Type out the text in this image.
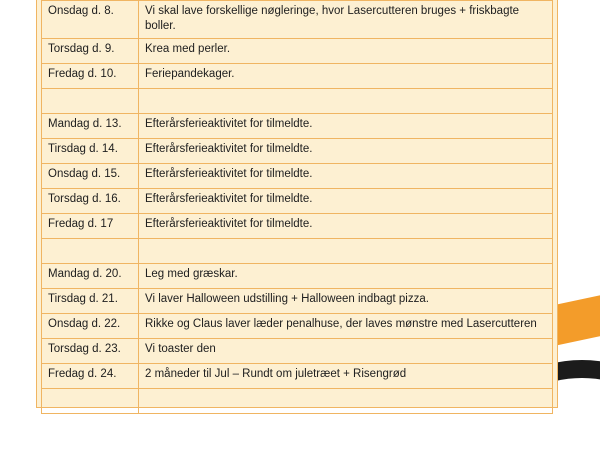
Onsdag d. 8.	Vi skal lave forskellige nøgleringe, hvor Lasercutteren bruges + friskbagte boller.
Torsdag d. 9.	Krea med perler.
Fredag d. 10.	Feriepandekager.

Mandag d. 13.	Efterårsferieaktivitet for tilmeldte.
Tirsdag d. 14.	Efterårsferieaktivitet for tilmeldte.
Onsdag d. 15.	Efterårsferieaktivitet for tilmeldte.
Torsdag d. 16.	Efterårsferieaktivitet for tilmeldte.
Fredag d. 17	Efterårsferieaktivitet for tilmeldte.

Mandag d. 20.	Leg med græskar.
Tirsdag d. 21.	Vi laver Halloween udstilling + Halloween indbagt pizza.
Onsdag d. 22.	Rikke og Claus laver læder penalhuse, der laves mønstre med Lasercutteren
Torsdag d. 23.	Vi toaster den
Fredag d. 24.	2 måneder til Jul – Rundt om juletræet + Risengrød
